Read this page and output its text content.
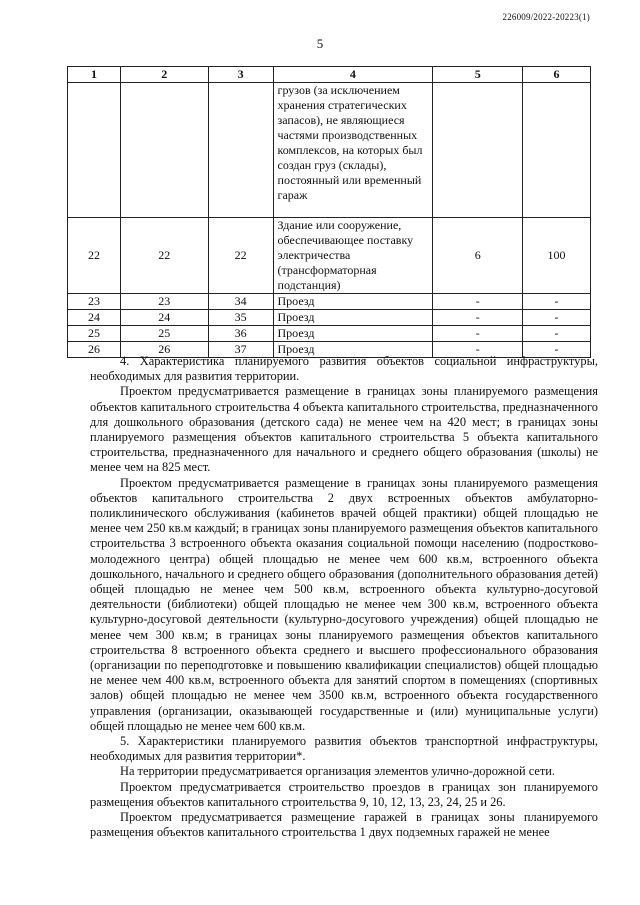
226009/2022-20223(1)
5
1	2	3	4	5	6
			грузов (за исключением хранения стратегических запасов), не являющиеся частями производственных комплексов, на которых был создан груз (склады), постоянный или временный гараж		
22	22	22	Здание или сооружение, обеспечивающее поставку электричества (трансформаторная подстанция)	6	100
23	23	34	Проезд	-	-
24	24	35	Проезд	-	-
25	25	36	Проезд	-	-
26	26	37	Проезд	-	-

4. Характеристика планируемого развития объектов социальной инфраструктуры, необходимых для развития территории.

Проектом предусматривается размещение в границах зоны планируемого размещения объектов капитального строительства 4 объекта капитального строительства, предназначенного для дошкольного образования (детского сада) не менее чем на 420 мест; в границах зоны планируемого размещения объектов капитального строительства 5 объекта капитального строительства, предназначенного для начального и среднего общего образования (школы) не менее чем на 825 мест.

Проектом предусматривается размещение в границах зоны планируемого размещения объектов капитального строительства 2 двух встроенных объектов амбулаторно-поликлинического обслуживания (кабинетов врачей общей практики) общей площадью не менее чем 250 кв.м каждый; в границах зоны планируемого размещения объектов капитального строительства 3 встроенного объекта оказания социальной помощи населению (подростково-молодежного центра) общей площадью не менее чем 600 кв.м, встроенного объекта дошкольного, начального и среднего общего образования (дополнительного образования детей) общей площадью не менее чем 500 кв.м, встроенного объекта культурно-досуговой деятельности (библиотеки) общей площадью не менее чем 300 кв.м, встроенного объекта культурно-досуговой деятельности (культурно-досугового учреждения) общей площадью не менее чем 300 кв.м; в границах зоны планируемого размещения объектов капитального строительства 8 встроенного объекта среднего и высшего профессионального образования (организации по переподготовке и повышению квалификации специалистов) общей площадью не менее чем 400 кв.м, встроенного объекта для занятий спортом в помещениях (спортивных залов) общей площадью не менее чем 3500 кв.м, встроенного объекта государственного управления (организации, оказывающей государственные и (или) муниципальные услуги) общей площадью не менее чем 600 кв.м.

5. Характеристики планируемого развития объектов транспортной инфраструктуры, необходимых для развития территории*.

На территории предусматривается организация элементов улично-дорожной сети.

Проектом предусматривается строительство проездов в границах зон планируемого размещения объектов капитального строительства 9, 10, 12, 13, 23, 24, 25 и 26.

Проектом предусматривается размещение гаражей в границах зоны планируемого размещения объектов капитального строительства 1 двух подземных гаражей не менее
